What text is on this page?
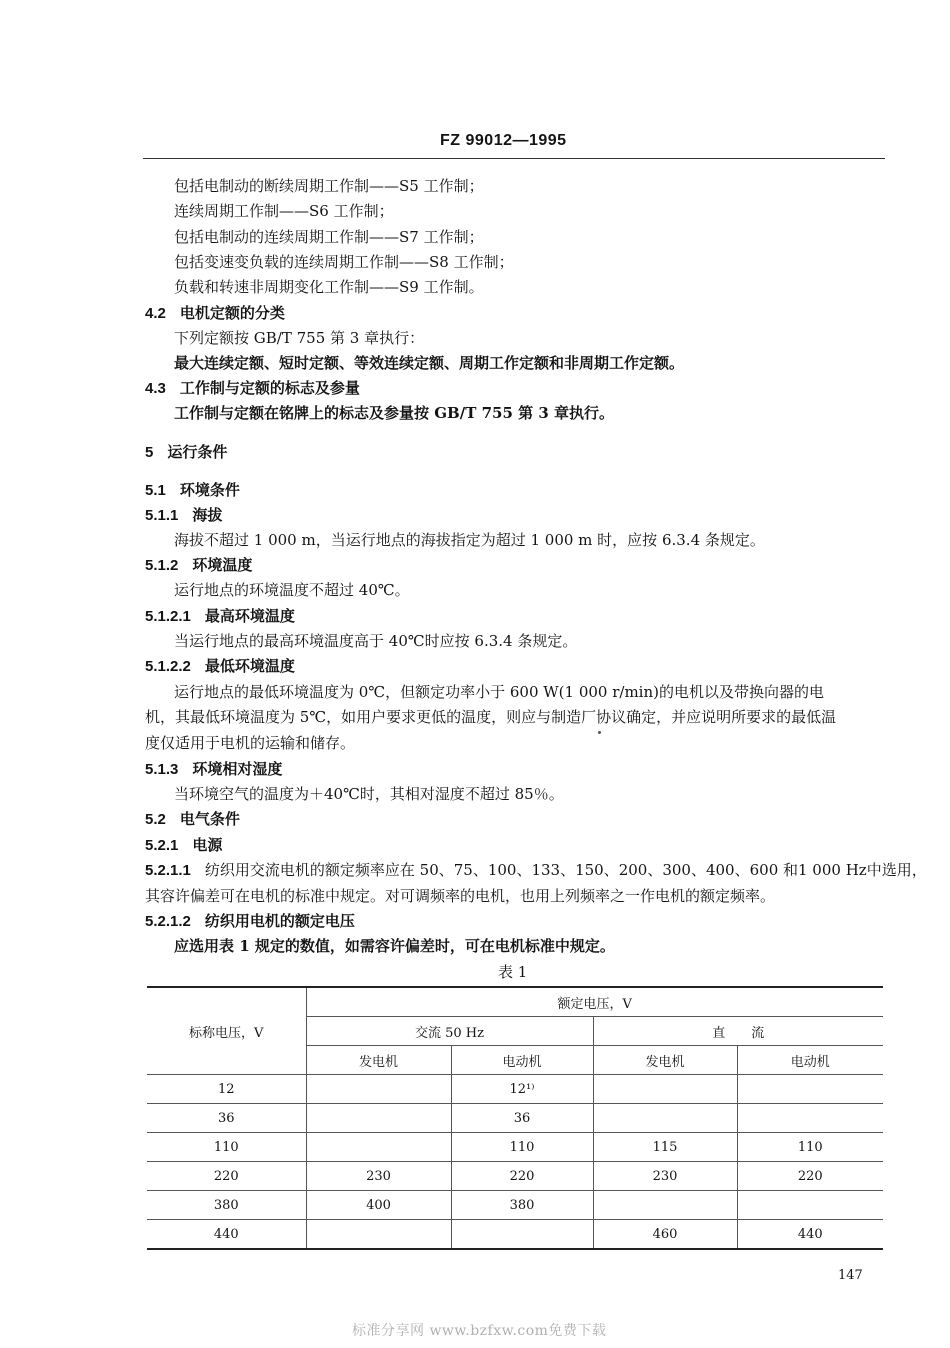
FZ 99012—1995
包括电制动的断续周期工作制——S5 工作制；
连续周期工作制——S6 工作制；
包括电制动的连续周期工作制——S7 工作制；
包括变速变负载的连续周期工作制——S8 工作制；
负载和转速非周期变化工作制——S9 工作制。
4.2 电机定额的分类
下列定额按 GB/T 755 第 3 章执行：
最大连续定额、短时定额、等效连续定额、周期工作定额和非周期工作定额。
4.3 工作制与定额的标志及参量
工作制与定额在铭牌上的标志及参量按 GB/T 755 第 3 章执行。
5 运行条件
5.1 环境条件
5.1.1 海拔
海拔不超过 1 000 m，当运行地点的海拔指定为超过 1 000 m 时，应按 6.3.4 条规定。
5.1.2 环境温度
运行地点的环境温度不超过 40℃。
5.1.2.1 最高环境温度
当运行地点的最高环境温度高于 40℃时应按 6.3.4 条规定。
5.1.2.2 最低环境温度
运行地点的最低环境温度为 0℃，但额定功率小于 600 W(1 000 r/min)的电机以及带换向器的电
机，其最低环境温度为 5℃，如用户要求更低的温度，则应与制造厂协议确定，并应说明所要求的最低温
度仅适用于电机的运输和储存。
5.1.3 环境相对湿度
当环境空气的温度为＋40℃时，其相对湿度不超过 85％。
5.2 电气条件
5.2.1 电源
5.2.1.1 纺织用交流电机的额定频率应在 50、75、100、133、150、200、300、400、600 和1 000 Hz中选用，
其容许偏差可在电机的标准中规定。对可调频率的电机，也用上列频率之一作电机的额定频率。
5.2.1.2 纺织用电机的额定电压
应选用表 1 规定的数值，如需容许偏差时，可在电机标准中规定。
表 1
标称电压，V	额定电压，V			
	交流 50 Hz		直　　流	
	发电机	电动机	发电机	电动机
12		12¹⁾		
36		36		
110		110	115	110
220	230	220	230	220
380	400	380		
440			460	440
147
标准分享网 www.bzfxw.com免费下载
